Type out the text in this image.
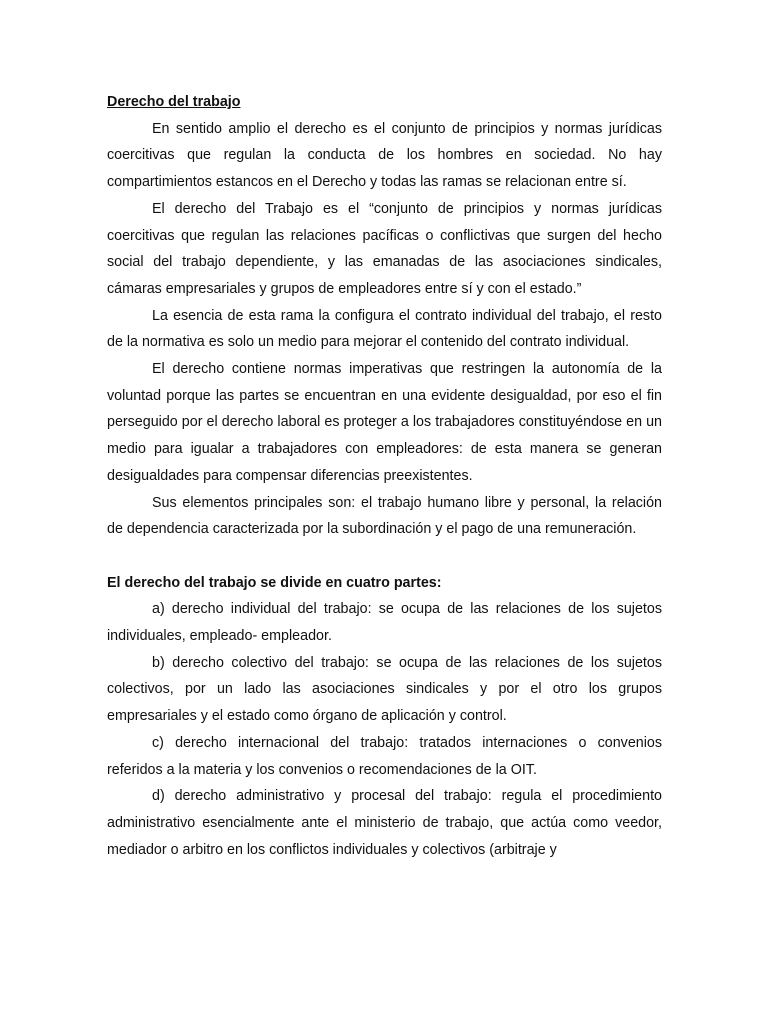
Derecho del trabajo

En sentido amplio el derecho es el conjunto de principios y normas jurídicas coercitivas que regulan la conducta de los hombres en sociedad. No hay compartimientos estancos en el Derecho y todas las ramas se relacionan entre sí.

El derecho del Trabajo es el “conjunto de principios y normas jurídicas coercitivas que regulan las relaciones pacíficas o conflictivas que surgen del hecho social del trabajo dependiente, y las emanadas de las asociaciones sindicales, cámaras empresariales y grupos de empleadores entre sí y con el estado.”

La esencia de esta rama la configura el contrato individual del trabajo, el resto de la normativa es solo un medio para mejorar el contenido del contrato individual.

El derecho contiene normas imperativas que restringen la autonomía de la voluntad porque las partes se encuentran en una evidente desigualdad, por eso el fin perseguido por el derecho laboral es proteger a los trabajadores constituyéndose en un medio para igualar a trabajadores con empleadores: de esta manera se generan desigualdades para compensar diferencias preexistentes.

Sus elementos principales son: el trabajo humano libre y personal, la relación de dependencia caracterizada por la subordinación y el pago de una remuneración.

El derecho del trabajo se divide en cuatro partes:

a) derecho individual del trabajo: se ocupa de las relaciones de los sujetos individuales, empleado- empleador.

b) derecho colectivo del trabajo: se ocupa de las relaciones de los sujetos colectivos, por un lado las asociaciones sindicales y por el otro los grupos empresariales y el estado como órgano de aplicación y control.

c) derecho internacional del trabajo: tratados internaciones o convenios referidos a la materia y los convenios o recomendaciones de la OIT.

d) derecho administrativo y procesal del trabajo: regula el procedimiento administrativo esencialmente ante el ministerio de trabajo, que actúa como veedor, mediador o arbitro en los conflictos individuales y colectivos (arbitraje y
